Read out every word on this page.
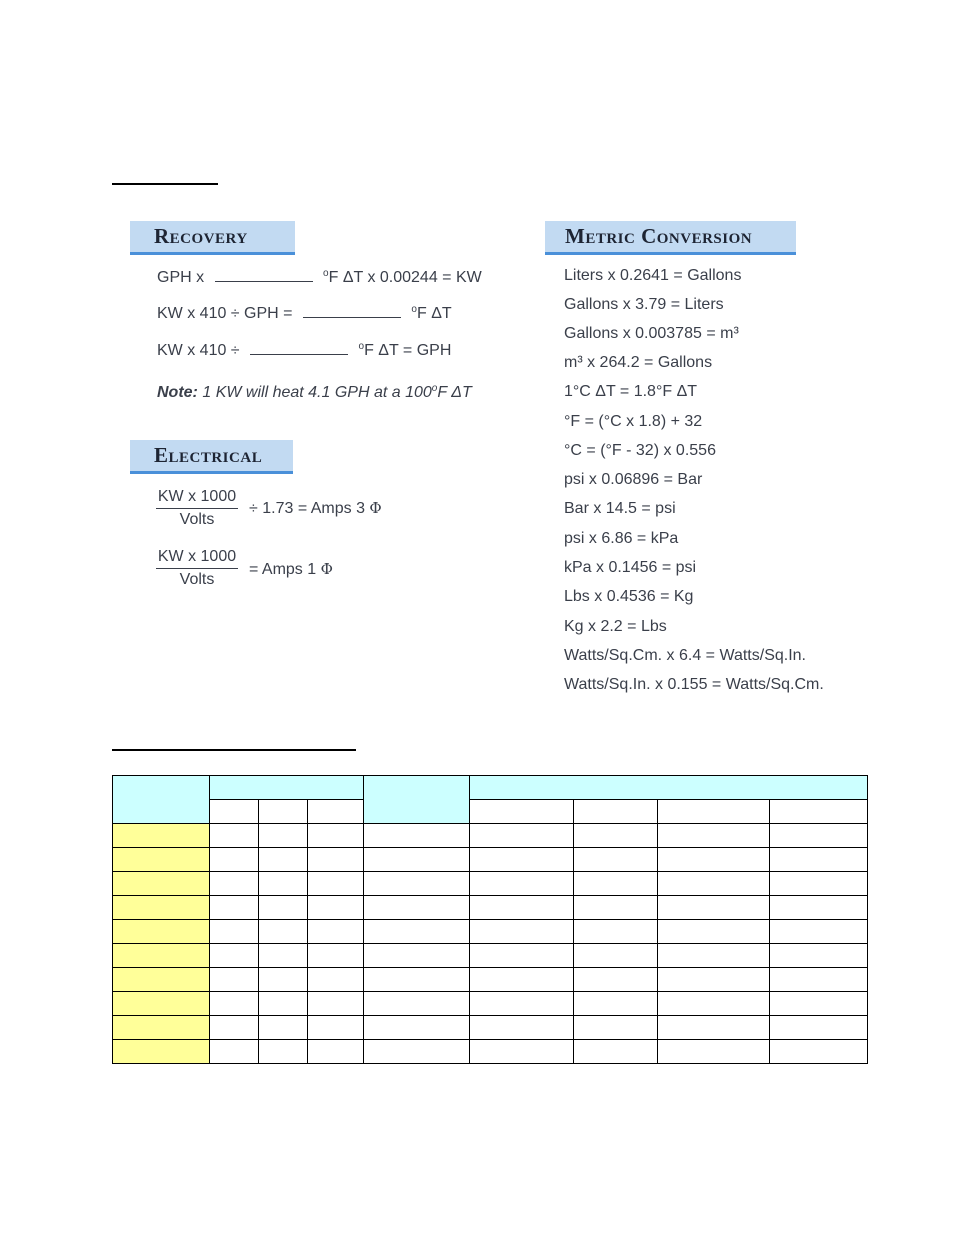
Recovery
GPH x	$^o$F ΔT x 0.00244 = KW
KW x 410 ÷ GPH =	$^o$F ΔT
KW x 410 ÷	$^o$F ΔT = GPH
Note: 1 KW will heat 4.1 GPH at a 100$^o$F ΔT
Electrical
KW x 1000
Volts
÷ 1.73 = Amps 3 Φ
KW x 1000
Volts
= Amps 1 Φ
Metric Conversion
Liters x 0.2641 = Gallons
Gallons x 3.79 = Liters
Gallons x 0.003785 = m³
m³ x 264.2 = Gallons
1°C ΔT = 1.8°F ΔT
°F = (°C x 1.8) + 32
°C = (°F - 32) x 0.556
psi x 0.06896 = Bar
Bar x 14.5 = psi
psi x 6.86 = kPa
kPa x 0.1456 = psi
Lbs x 0.4536 = Kg
Kg x 2.2 = Lbs
Watts/Sq.Cm. x 6.4 = Watts/Sq.In.
Watts/Sq.In. x 0.155 = Watts/Sq.Cm.
